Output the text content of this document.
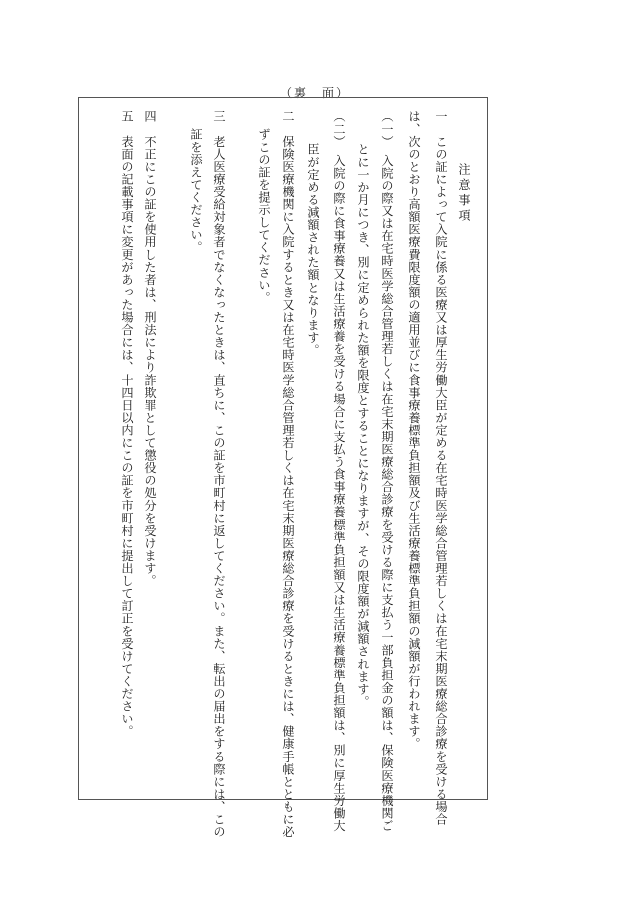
（裏　面）
注意事項
一　この証によって入院に係る医療又は厚生労働大臣が定める在宅時医学総合管理若しくは在宅末期医療総合診療を受ける場合
は、次のとおり高額医療費限度額の適用並びに食事療養標準負担額及び生活療養標準負担額の減額が行われます。
（一）　入院の際又は在宅時医学総合管理若しくは在宅末期医療総合診療を受ける際に支払う一部負担金の額は、保険医療機関ご
とに一か月につき、別に定められた額を限度とすることになりますが、その限度額が減額されます。
（二）　入院の際に食事療養又は生活療養を受ける場合に支払う食事療養標準負担額又は生活療養標準負担額は、別に厚生労働大
臣が定める減額された額となります。
二　保険医療機関に入院するとき又は在宅時医学総合管理若しくは在宅末期医療総合診療を受けるときには、健康手帳とともに必
ずこの証を提示してください。
三　老人医療受給対象者でなくなったときは、直ちに、この証を市町村に返してください。また、転出の届出をする際には、この
証を添えてください。
四　不正にこの証を使用した者は、刑法により詐欺罪として懲役の処分を受けます。
五　表面の記載事項に変更があった場合には、十四日以内にこの証を市町村に提出して訂正を受けてください。
